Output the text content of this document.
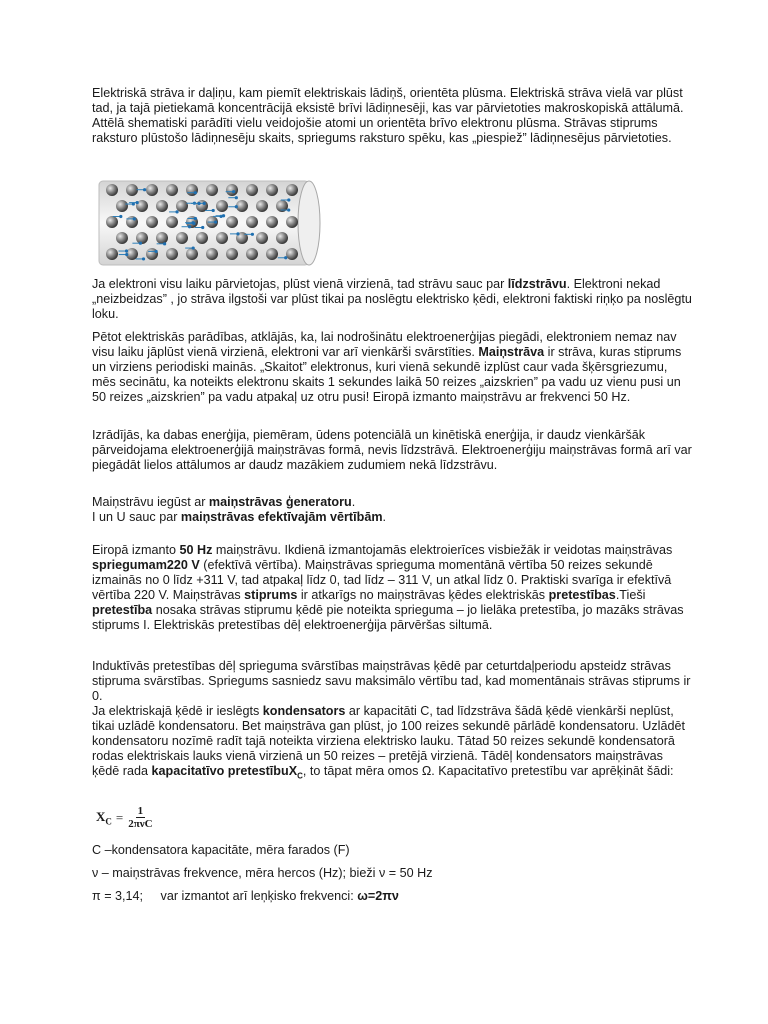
Elektriskā strāva ir daļiņu, kam piemīt elektriskais lādiņš, orientēta plūsma. Elektriskā strāva vielā var plūst tad, ja tajā pietiekamā koncentrācijā eksistē brīvi lādiņnesēji, kas var pārvietoties makroskopiskā attālumā. Attēlā shematiski parādīti vielu veidojošie atomi un orientēta brīvo elektronu plūsma. Strāvas stiprums raksturo plūstošo lādiņnesēju skaits, spriegums raksturo spēku, kas „piespiež” lādiņnesējus pārvietoties.

Ja elektroni visu laiku pārvietojas, plūst vienā virzienā, tad strāvu sauc par līdzstrāvu. Elektroni nekad „neizbeidzas” , jo strāva ilgstoši var plūst tikai pa noslēgtu elektrisko ķēdi, elektroni faktiski riņķo pa noslēgtu loku.

Pētot elektriskās parādības, atklājās, ka, lai nodrošinātu elektroenerģijas piegādi, elektroniem nemaz nav visu laiku jāplūst vienā virzienā, elektroni var arī vienkārši svārstīties. Maiņstrāva ir strāva, kuras stiprums un virziens periodiski mainās. „Skaitot” elektronus, kuri vienā sekundē izplūst caur vada šķērsgriezumu, mēs secinātu, ka noteikts elektronu skaits 1 sekundes laikā 50 reizes „aizskrien” pa vadu uz vienu pusi un 50 reizes „aizskrien” pa vadu atpakaļ uz otru pusi! Eiropā izmanto maiņstrāvu ar frekvenci 50 Hz.

Izrādījās, ka dabas enerģija, piemēram, ūdens potenciālā un kinētiskā enerģija, ir daudz vienkāršāk pārveidojama elektroenerģijā maiņstrāvas formā, nevis līdzstrāvā. Elektroenerģiju maiņstrāvas formā arī var piegādāt lielos attālumos ar daudz mazākiem zudumiem nekā līdzstrāvu.

Maiņstrāvu iegūst ar maiņstrāvas ģeneratoru.

I un U sauc par maiņstrāvas efektīvajām vērtībām.

Eiropā izmanto 50 Hz maiņstrāvu. Ikdienā izmantojamās elektroierīces visbiežāk ir veidotas maiņstrāvas spriegumam220 V (efektīvā vērtība). Maiņstrāvas sprieguma momentānā vērtība 50 reizes sekundē izmainās no 0 līdz +311 V, tad atpakaļ līdz 0, tad līdz – 311 V, un atkal līdz 0. Praktiski svarīga ir efektīvā vērtība 220 V. Maiņstrāvas stiprums ir atkarīgs no maiņstrāvas ķēdes elektriskās pretestības.Tieši pretestība nosaka strāvas stiprumu ķēdē pie noteikta sprieguma – jo lielāka pretestība, jo mazāks strāvas stiprums I. Elektriskās pretestības dēļ elektroenerģija pārvēršas siltumā.

Induktīvās pretestības dēļ sprieguma svārstības maiņstrāvas ķēdē par ceturtdaļperiodu apsteidz strāvas stipruma svārstības. Spriegums sasniedz savu maksimālo vērtību tad, kad momentānais strāvas stiprums ir 0.

Ja elektriskajā ķēdē ir ieslēgts kondensators ar kapacitāti C, tad līdzstrāva šādā ķēdē vienkārši neplūst, tikai uzlādē kondensatoru. Bet maiņstrāva gan plūst, jo 100 reizes sekundē pārlādē kondensatoru. Uzlādēt kondensatoru nozīmē radīt tajā noteikta virziena elektrisko lauku. Tātad 50 reizes sekundē kondensatorā rodas elektriskais lauks vienā virzienā un 50 reizes – pretējā virzienā. Tādēļ kondensators maiņstrāvas ķēdē rada kapacitatīvo pretestībuX$_C$, to tāpat mēra omos Ω. Kapacitatīvo pretestību var aprēķināt šādi:

$X_C = \frac{1}{\text{2πνC}}$

C –kondensatora kapacitāte, mēra farados (F)

ν – maiņstrāvas frekvence, mēra hercos (Hz); bieži ν = 50 Hz

π = 3,14;     var izmantot arī leņķisko frekvenci: ω=2πν
